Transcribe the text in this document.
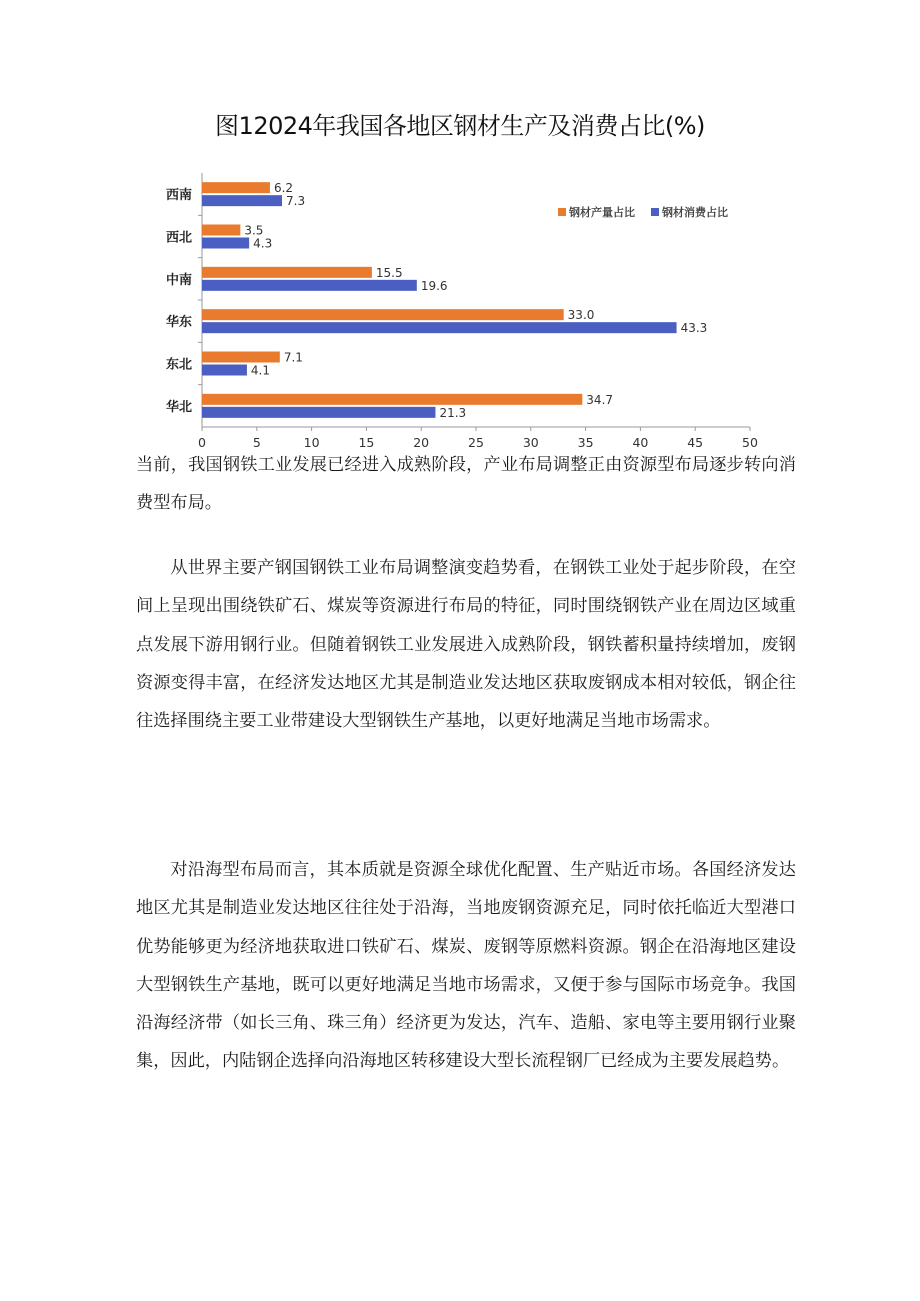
图12024年我国各地区钢材生产及消费占比(%)
0	5	10	15	20	25	30	35	40	45	50
西南	6.2
7.3
西北	3.5
4.3
中南	15.5
19.6
华东	33.0
43.3
东北	7.1
4.1
华北	34.7
21.3
钢材产量占比 钢材消费占比

当前，我国钢铁工业发展已经进入成熟阶段，产业布局调整正由资源型布局逐步转向消费型布局。

从世界主要产钢国钢铁工业布局调整演变趋势看，在钢铁工业处于起步阶段，在空间上呈现出围绕铁矿石、煤炭等资源进行布局的特征，同时围绕钢铁产业在周边区域重点发展下游用钢行业。但随着钢铁工业发展进入成熟阶段，钢铁蓄积量持续增加，废钢资源变得丰富，在经济发达地区尤其是制造业发达地区获取废钢成本相对较低，钢企往往选择围绕主要工业带建设大型钢铁生产基地，以更好地满足当地市场需求。

对沿海型布局而言，其本质就是资源全球优化配置、生产贴近市场。各国经济发达地区尤其是制造业发达地区往往处于沿海，当地废钢资源充足，同时依托临近大型港口优势能够更为经济地获取进口铁矿石、煤炭、废钢等原燃料资源。钢企在沿海地区建设大型钢铁生产基地，既可以更好地满足当地市场需求，又便于参与国际市场竞争。我国沿海经济带（如长三角、珠三角）经济更为发达，汽车、造船、家电等主要用钢行业聚集，因此，内陆钢企选择向沿海地区转移建设大型长流程钢厂已经成为主要发展趋势。
